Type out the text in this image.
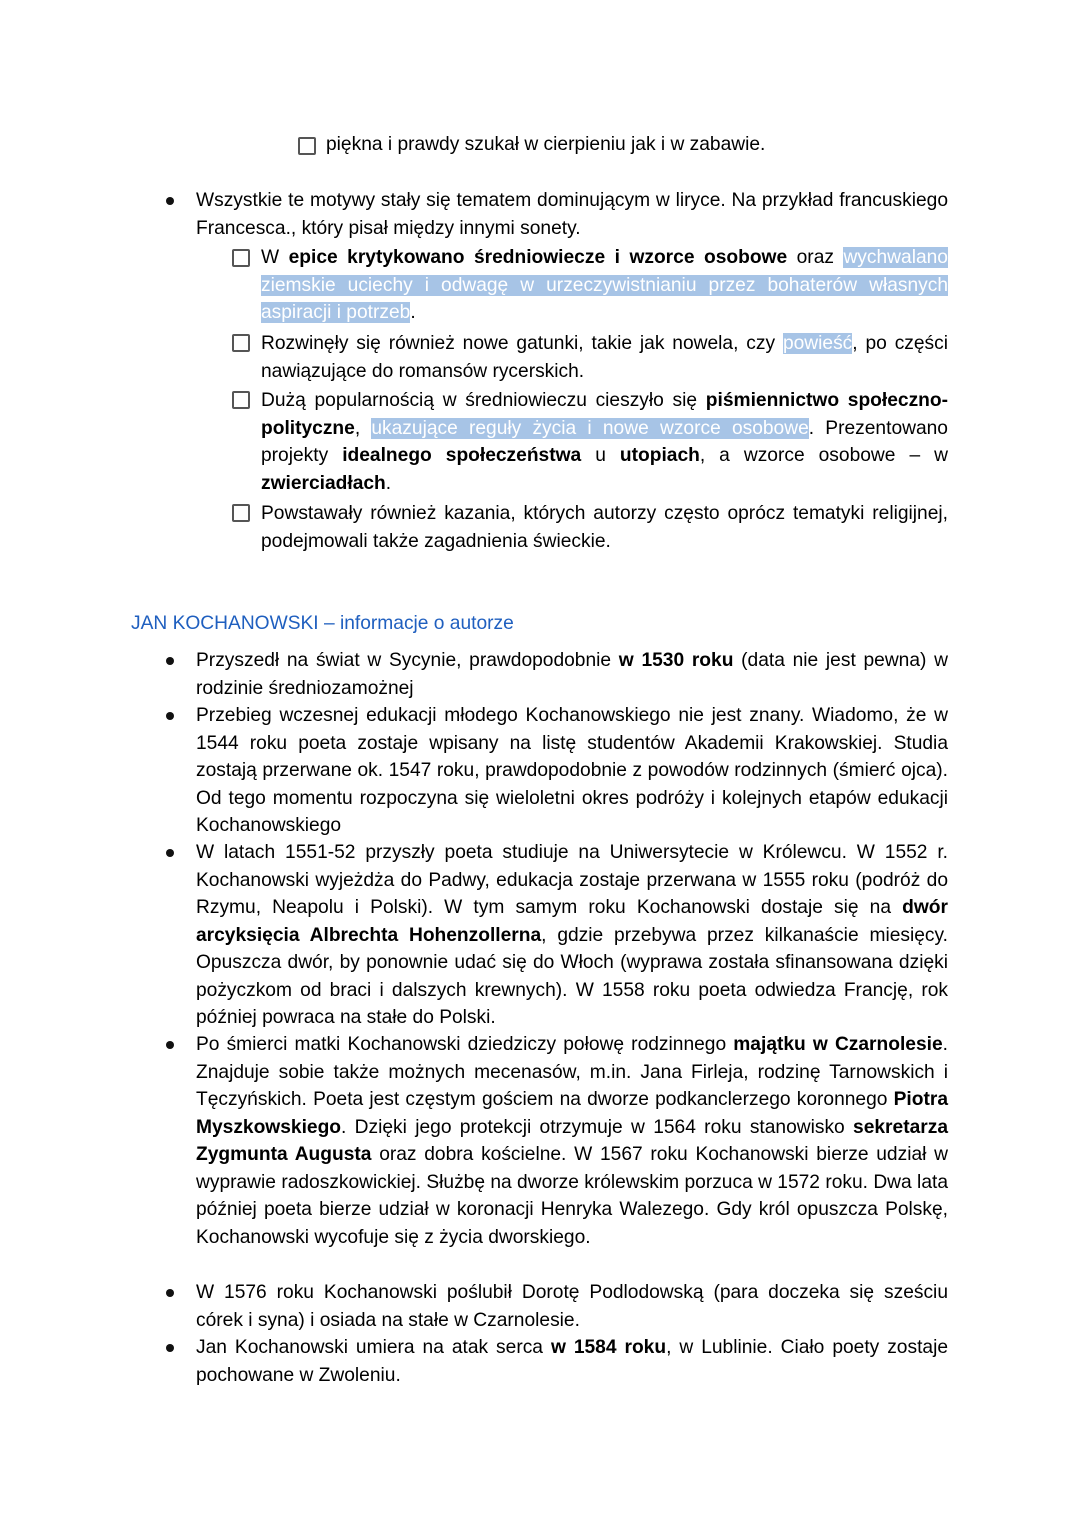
piękna i prawdy szukał w cierpieniu jak i w zabawie.
Wszystkie te motywy stały się tematem dominującym w liryce. Na przykład francuskiego Francesca., który pisał między innymi sonety.
W epice krytykowano średniowiecze i wzorce osobowe oraz wychwalano ziemskie uciechy i odwagę w urzeczywistnianiu przez bohaterów własnych aspiracji i potrzeb.
Rozwinęły się również nowe gatunki, takie jak nowela, czy powieść, po części nawiązujące do romansów rycerskich.
Dużą popularnością w średniowieczu cieszyło się piśmiennictwo społeczno-polityczne, ukazujące reguły życia i nowe wzorce osobowe. Prezentowano projekty idealnego społeczeństwa u utopiach, a wzorce osobowe – w zwierciadłach.
Powstawały również kazania, których autorzy często oprócz tematyki religijnej, podejmowali także zagadnienia świeckie.
JAN KOCHANOWSKI – informacje o autorze
Przyszedł na świat w Sycynie, prawdopodobnie w 1530 roku (data nie jest pewna) w rodzinie średniozamożnej
Przebieg wczesnej edukacji młodego Kochanowskiego nie jest znany. Wiadomo, że w 1544 roku poeta zostaje wpisany na listę studentów Akademii Krakowskiej. Studia zostają przerwane ok. 1547 roku, prawdopodobnie z powodów rodzinnych (śmierć ojca). Od tego momentu rozpoczyna się wieloletni okres podróży i kolejnych etapów edukacji Kochanowskiego
W latach 1551-52 przyszły poeta studiuje na Uniwersytecie w Królewcu. W 1552 r. Kochanowski wyjeżdża do Padwy, edukacja zostaje przerwana w 1555 roku (podróż do Rzymu, Neapolu i Polski). W tym samym roku Kochanowski dostaje się na dwór arcyksięcia Albrechta Hohenzollerna, gdzie przebywa przez kilkanaście miesięcy. Opuszcza dwór, by ponownie udać się do Włoch (wyprawa została sfinansowana dzięki pożyczkom od braci i dalszych krewnych). W 1558 roku poeta odwiedza Francję, rok później powraca na stałe do Polski.
Po śmierci matki Kochanowski dziedziczy połowę rodzinnego majątku w Czarnolesie. Znajduje sobie także możnych mecenasów, m.in. Jana Firleja, rodzinę Tarnowskich i Tęczyńskich. Poeta jest częstym gościem na dworze podkanclerzego koronnego Piotra Myszkowskiego. Dzięki jego protekcji otrzymuje w 1564 roku stanowisko sekretarza Zygmunta Augusta oraz dobra kościelne. W 1567 roku Kochanowski bierze udział w wyprawie radoszkowickiej. Służbę na dworze królewskim porzuca w 1572 roku. Dwa lata później poeta bierze udział w koronacji Henryka Walezego. Gdy król opuszcza Polskę, Kochanowski wycofuje się z życia dworskiego.
W 1576 roku Kochanowski poślubił Dorotę Podlodowską (para doczeka się sześciu córek i syna) i osiada na stałe w Czarnolesie.
Jan Kochanowski umiera na atak serca w 1584 roku, w Lublinie. Ciało poety zostaje pochowane w Zwoleniu.
